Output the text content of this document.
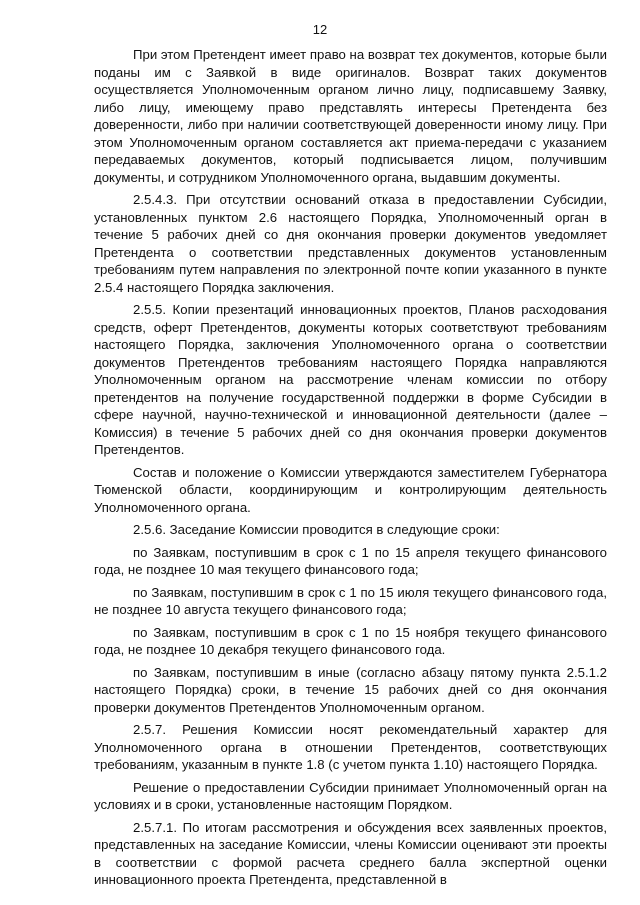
12

При этом Претендент имеет право на возврат тех документов, которые были поданы им с Заявкой в виде оригиналов. Возврат таких документов осуществляется Уполномоченным органом лично лицу, подписавшему Заявку, либо лицу, имеющему право представлять интересы Претендента без доверенности, либо при наличии соответствующей доверенности иному лицу. При этом Уполномоченным органом составляется акт приема-передачи с указанием передаваемых документов, который подписывается лицом, получившим документы, и сотрудником Уполномоченного органа, выдавшим документы.

2.5.4.3. При отсутствии оснований отказа в предоставлении Субсидии, установленных пунктом 2.6 настоящего Порядка, Уполномоченный орган в течение 5 рабочих дней со дня окончания проверки документов уведомляет Претендента о соответствии представленных документов установленным требованиям путем направления по электронной почте копии указанного в пункте 2.5.4 настоящего Порядка заключения.

2.5.5. Копии презентаций инновационных проектов, Планов расходования средств, оферт Претендентов, документы которых соответствуют требованиям настоящего Порядка, заключения Уполномоченного органа о соответствии документов Претендентов требованиям настоящего Порядка направляются Уполномоченным органом на рассмотрение членам комиссии по отбору претендентов на получение государственной поддержки в форме Субсидии в сфере научной, научно-технической и инновационной деятельности (далее – Комиссия) в течение 5 рабочих дней со дня окончания проверки документов Претендентов.

Состав и положение о Комиссии утверждаются заместителем Губернатора Тюменской области, координирующим и контролирующим деятельность Уполномоченного органа.

2.5.6. Заседание Комиссии проводится в следующие сроки:

по Заявкам, поступившим в срок с 1 по 15 апреля текущего финансового года, не позднее 10 мая текущего финансового года;

по Заявкам, поступившим в срок с 1 по 15 июля текущего финансового года, не позднее 10 августа текущего финансового года;

по Заявкам, поступившим в срок с 1 по 15 ноября текущего финансового года, не позднее 10 декабря текущего финансового года.

по Заявкам, поступившим в иные (согласно абзацу пятому пункта 2.5.1.2 настоящего Порядка) сроки, в течение 15 рабочих дней со дня окончания проверки документов Претендентов Уполномоченным органом.

2.5.7. Решения Комиссии носят рекомендательный характер для Уполномоченного органа в отношении Претендентов, соответствующих требованиям, указанным в пункте 1.8 (с учетом пункта 1.10) настоящего Порядка.

Решение о предоставлении Субсидии принимает Уполномоченный орган на условиях и в сроки, установленные настоящим Порядком.

2.5.7.1. По итогам рассмотрения и обсуждения всех заявленных проектов, представленных на заседание Комиссии, члены Комиссии оценивают эти проекты в соответствии с формой расчета среднего балла экспертной оценки инновационного проекта Претендента, представленной в
